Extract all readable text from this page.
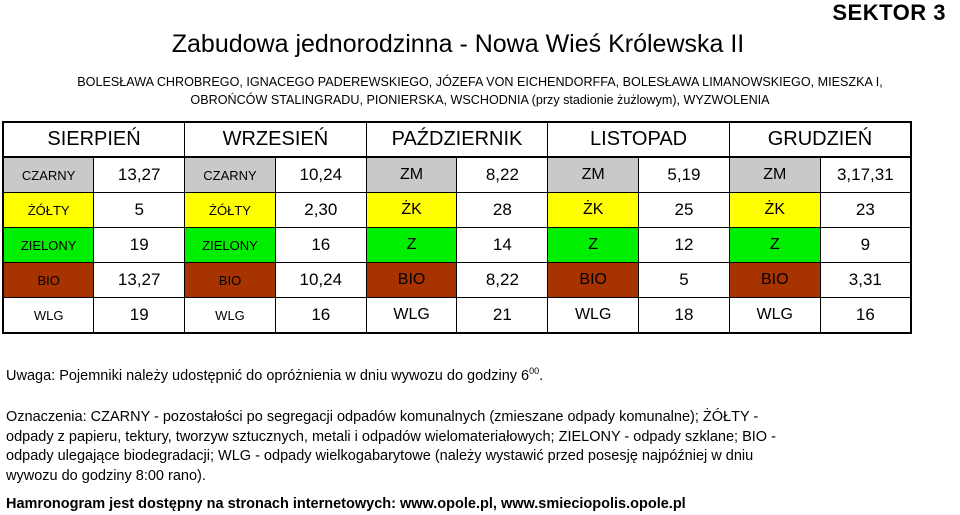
SEKTOR 3
Zabudowa jednorodzinna - Nowa Wieś Królewska II
BOLESŁAWA CHROBREGO, IGNACEGO PADEREWSKIEGO, JÓZEFA VON EICHENDORFFA, BOLESŁAWA LIMANOWSKIEGO, MIESZKA I,
OBROŃCÓW STALINGRADU, PIONIERSKA, WSCHODNIA (przy stadionie żużlowym), WYZWOLENIA
SIERPIEŃ		WRZESIEŃ		PAŹDZIERNIK		LISTOPAD		GRUDZIEŃ	
CZARNY	13,27	CZARNY	10,24	ZM	8,22	ZM	5,19	ZM	3,17,31
ŻÓŁTY	5	ŻÓŁTY	2,30	ŻK	28	ŻK	25	ŻK	23
ZIELONY	19	ZIELONY	16	Z	14	Z	12	Z	9
BIO	13,27	BIO	10,24	BIO	8,22	BIO	5	BIO	3,31
WLG	19	WLG	16	WLG	21	WLG	18	WLG	16
Uwaga: Pojemniki należy udostępnić do opróżnienia w dniu wywozu do godziny $6^{00}$.
Oznaczenia: CZARNY - pozostałości po segregacji odpadów komunalnych (zmieszane odpady komunalne); ŻÓŁTY -
odpady z papieru, tektury, tworzyw sztucznych, metali i odpadów wielomateriałowych; ZIELONY - odpady szklane; BIO -
odpady ulegające biodegradacji; WLG - odpady wielkogabarytowe (należy wystawić przed posesję najpóźniej w dniu
wywozu do godziny 8:00 rano).
Hamronogram jest dostępny na stronach internetowych: www.opole.pl, www.smieciopolis.opole.pl
